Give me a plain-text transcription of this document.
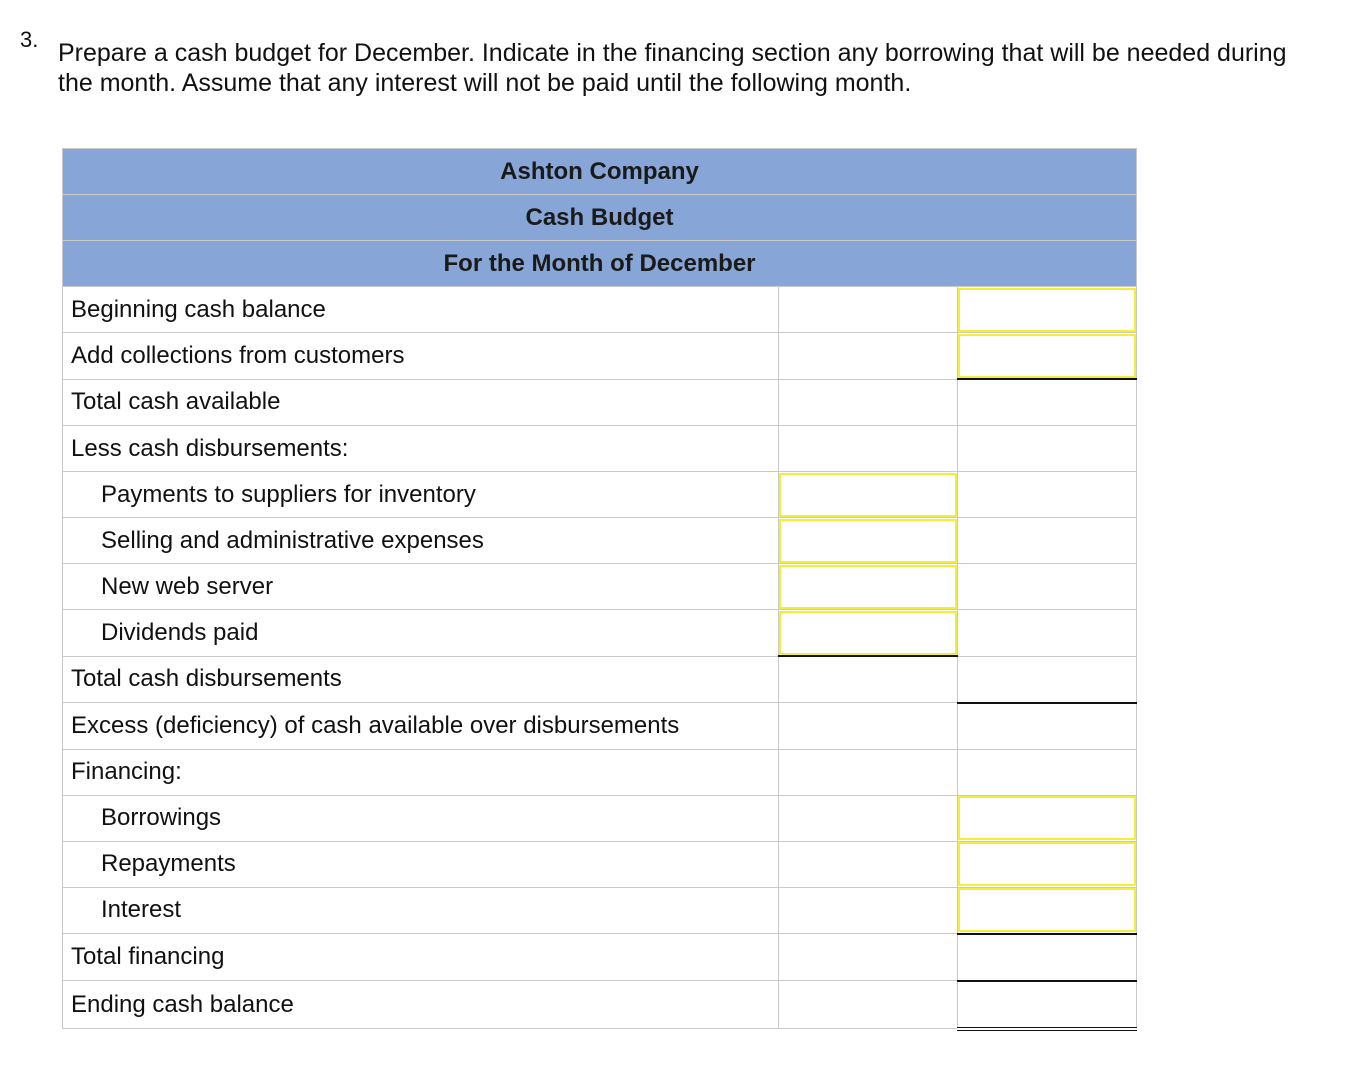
3. Prepare a cash budget for December. Indicate in the financing section any borrowing that will be needed during the month. Assume that any interest will not be paid until the following month.
Ashton Company		
Cash Budget		
For the Month of December		
Beginning cash balance		

Add collections from customers		

Total cash available		
Less cash disbursements:		
Payments to suppliers for inventory	

Selling and administrative expenses	

New web server	

Dividends paid	

Total cash disbursements		
Excess (deficiency) of cash available over disbursements		
Financing:		
Borrowings		

Repayments		

Interest		

Total financing		
Ending cash balance		
